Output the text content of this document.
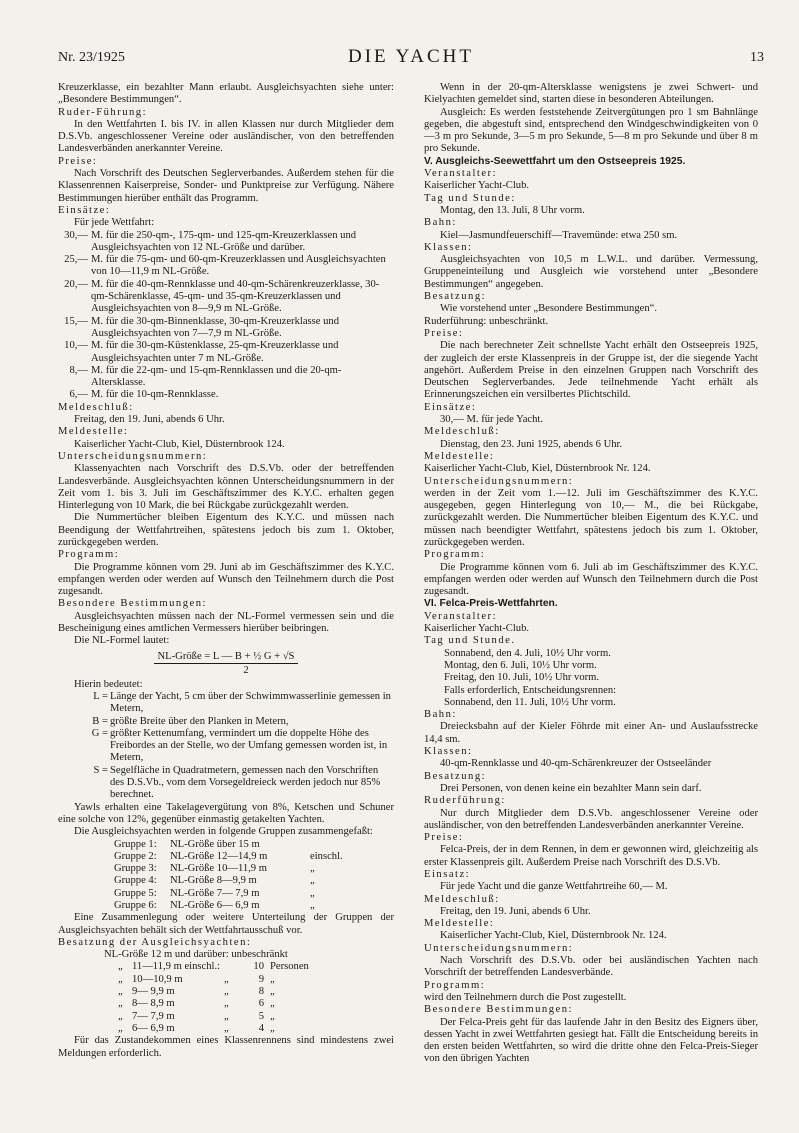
Nr. 23/1925	DIE YACHT	13

Kreuzerklasse, ein bezahlter Mann erlaubt. Ausgleichsyachten siehe unter: „Besondere Bestimmungen“.

Ruder-Führung:

In den Wettfahrten I. bis IV. in allen Klassen nur durch Mitglieder dem D.S.Vb. angeschlossener Vereine oder ausländischer, von den betreffenden Landesverbänden anerkannter Vereine.

Preise:

Nach Vorschrift des Deutschen Seglerverbandes. Außerdem stehen für die Klassenrennen Kaiserpreise, Sonder- und Punktpreise zur Verfügung. Nähere Bestimmungen hierüber enthält das Programm.

Einsätze:

Für jede Wettfahrt:

30,— M. für die 250-qm-, 175-qm- und 125-qm-Kreuzerklassen und Ausgleichsyachten von 12 NL-Größe und darüber.
25,— M. für die 75-qm- und 60-qm-Kreuzerklassen und Ausgleichsyachten von 10—11,9 m NL-Größe.
20,— M. für die 40-qm-Rennklasse und 40-qm-Schärenkreuzerklasse, 30-qm-Schärenklasse, 45-qm- und 35-qm-Kreuzerklassen und Ausgleichsyachten von 8—9,9 m NL-Größe.
15,— M. für die 30-qm-Binnenklasse, 30-qm-Kreuzerklasse und Ausgleichsyachten von 7—7,9 m NL-Größe.
10,— M. für die 30-qm-Küstenklasse, 25-qm-Kreuzerklasse und Ausgleichsyachten unter 7 m NL-Größe.
8,— M. für die 22-qm- und 15-qm-Rennklassen und die 20-qm-Altersklasse.
6,— M. für die 10-qm-Rennklasse.

Meldeschluß:

Freitag, den 19. Juni, abends 6 Uhr.

Meldestelle:

Kaiserlicher Yacht-Club, Kiel, Düsternbrook 124.

Unterscheidungsnummern:

Klassenyachten nach Vorschrift des D.S.Vb. oder der betreffenden Landesverbände. Ausgleichsyachten können Unterscheidungsnummern in der Zeit vom 1. bis 3. Juli im Geschäftszimmer des K.Y.C. erhalten gegen Hinterlegung von 10 Mark, die bei Rückgabe zurückgezahlt werden.

Die Nummertücher bleiben Eigentum des K.Y.C. und müssen nach Beendigung der Wettfahrtreihen, spätestens jedoch bis zum 1. Oktober, zurückgegeben werden.

Programm:

Die Programme können vom 29. Juni ab im Geschäftszimmer des K.Y.C. empfangen werden oder werden auf Wunsch den Teilnehmern durch die Post zugesandt.

Besondere Bestimmungen:

Ausgleichsyachten müssen nach der NL-Formel vermessen sein und die Bescheinigung eines amtlichen Vermessers hierüber beibringen.

Die NL-Formel lautet:

NL-Größe = L — B + ½ G + √S
2

Hierin bedeutet:

L = Länge der Yacht, 5 cm über der Schwimmwasserlinie gemessen in Metern,
B = größte Breite über den Planken in Metern,
G = größter Kettenumfang, vermindert um die doppelte Höhe des Freibordes an der Stelle, wo der Umfang gemessen worden ist, in Metern,
S = Segelfläche in Quadratmetern, gemessen nach den Vorschriften des D.S.Vb., vom dem Vorsegeldreieck werden jedoch nur 85% berechnet.

Yawls erhalten eine Takelagevergütung von 8%, Ketschen und Schuner eine solche von 12%, gegenüber einmastig getakelten Yachten.

Die Ausgleichsyachten werden in folgende Gruppen zusammengefaßt:

Gruppe 1:	NL-Größe über 15 m
Gruppe 2:	NL-Größe 12—14,9 m	einschl.
Gruppe 3:	NL-Größe 10—11,9 m	„
Gruppe 4:	NL-Größe 8—9,9 m	„
Gruppe 5:	NL-Größe 7— 7,9 m	„
Gruppe 6:	NL-Größe 6— 6,9 m	„

Eine Zusammenlegung oder weitere Unterteilung der Gruppen der Ausgleichsyachten behält sich der Wettfahrtausschuß vor.

Besatzung der Ausgleichsyachten:

NL-Größe 12 m und darüber: unbeschränkt

„ 11—11,9 m einschl.:	10 Personen
„ 10—10,9 m	„	9 „
„ 9— 9,9 m	„	8 „
„ 8— 8,9 m	„	6 „
„ 7— 7,9 m	„	5 „
„ 6— 6,9 m	„	4 „

Für das Zustandekommen eines Klassenrennens sind mindestens zwei Meldungen erforderlich.

Wenn in der 20-qm-Altersklasse wenigstens je zwei Schwert- und Kielyachten gemeldet sind, starten diese in besonderen Abteilungen.

Ausgleich: Es werden feststehende Zeitvergütungen pro 1 sm Bahnlänge gegeben, die abgestuft sind, entsprechend den Windgeschwindigkeiten von 0—3 m pro Sekunde, 3—5 m pro Sekunde, 5—8 m pro Sekunde und über 8 m pro Sekunde.

V. Ausgleichs-Seewettfahrt um den Ostseepreis 1925.

Veranstalter:

Kaiserlicher Yacht-Club.

Tag und Stunde:

Montag, den 13. Juli, 8 Uhr vorm.

Bahn:

Kiel—Jasmundfeuerschiff—Travemünde: etwa 250 sm.

Klassen:

Ausgleichsyachten von 10,5 m L.W.L. und darüber. Vermessung, Gruppeneinteilung und Ausgleich wie vorstehend unter „Besondere Bestimmungen“ angegeben.

Besatzung:

Wie vorstehend unter „Besondere Bestimmungen“.

Ruderführung: unbeschränkt.

Preise:

Die nach berechneter Zeit schnellste Yacht erhält den Ostseepreis 1925, der zugleich der erste Klassenpreis in der Gruppe ist, der die siegende Yacht angehört. Außerdem Preise in den einzelnen Gruppen nach Vorschrift des Deutschen Seglerverbandes. Jede teilnehmende Yacht erhält als Erinnerungszeichen ein versilbertes Plichtschild.

Einsätze:

30,— M. für jede Yacht.

Meldeschluß:

Dienstag, den 23. Juni 1925, abends 6 Uhr.

Meldestelle:

Kaiserlicher Yacht-Club, Kiel, Düsternbrook Nr. 124.

Unterscheidungsnummern:

werden in der Zeit vom 1.—12. Juli im Geschäftszimmer des K.Y.C. ausgegeben, gegen Hinterlegung von 10,— M., die bei Rückgabe, zurückgezahlt werden. Die Nummertücher bleiben Eigentum des K.Y.C. und müssen nach beendigter Wettfahrt, spätestens jedoch bis zum 1. Oktober, zurückgegeben werden.

Programm:

Die Programme können vom 6. Juli ab im Geschäftszimmer des K.Y.C. empfangen werden oder werden auf Wunsch den Teilnehmern durch die Post zugesandt.

VI. Felca-Preis-Wettfahrten.

Veranstalter:

Kaiserlicher Yacht-Club.

Tag und Stunde.

Sonnabend, den 4. Juli, 10½ Uhr vorm.

Montag, den 6. Juli, 10½ Uhr vorm.

Freitag, den 10. Juli, 10½ Uhr vorm.

Falls erforderlich, Entscheidungsrennen:

Sonnabend, den 11. Juli, 10½ Uhr vorm.

Bahn:

Dreiecksbahn auf der Kieler Föhrde mit einer An- und Auslaufsstrecke 14,4 sm.

Klassen:

40-qm-Rennklasse und 40-qm-Schärenkreuzer der Ostseeländer

Besatzung:

Drei Personen, von denen keine ein bezahlter Mann sein darf.

Ruderführung:

Nur durch Mitglieder dem D.S.Vb. angeschlossener Vereine oder ausländischer, von den betreffenden Landesverbänden anerkannter Vereine.

Preise:

Felca-Preis, der in dem Rennen, in dem er gewonnen wird, gleichzeitig als erster Klassenpreis gilt. Außerdem Preise nach Vorschrift des D.S.Vb.

Einsatz:

Für jede Yacht und die ganze Wettfahrtreihe 60,— M.

Meldeschluß:

Freitag, den 19. Juni, abends 6 Uhr.

Meldestelle:

Kaiserlicher Yacht-Club, Kiel, Düsternbrook Nr. 124.

Unterscheidungsnummern:

Nach Vorschrift des D.S.Vb. oder bei ausländischen Yachten nach Vorschrift der betreffenden Landesverbände.

Programm:

wird den Teilnehmern durch die Post zugestellt.

Besondere Bestimmungen:

Der Felca-Preis geht für das laufende Jahr in den Besitz des Eigners über, dessen Yacht in zwei Wettfahrten gesiegt hat. Fällt die Entscheidung bereits in den ersten beiden Wettfahrten, so wird die dritte ohne den Felca-Preis-Sieger von den übrigen Yachten
